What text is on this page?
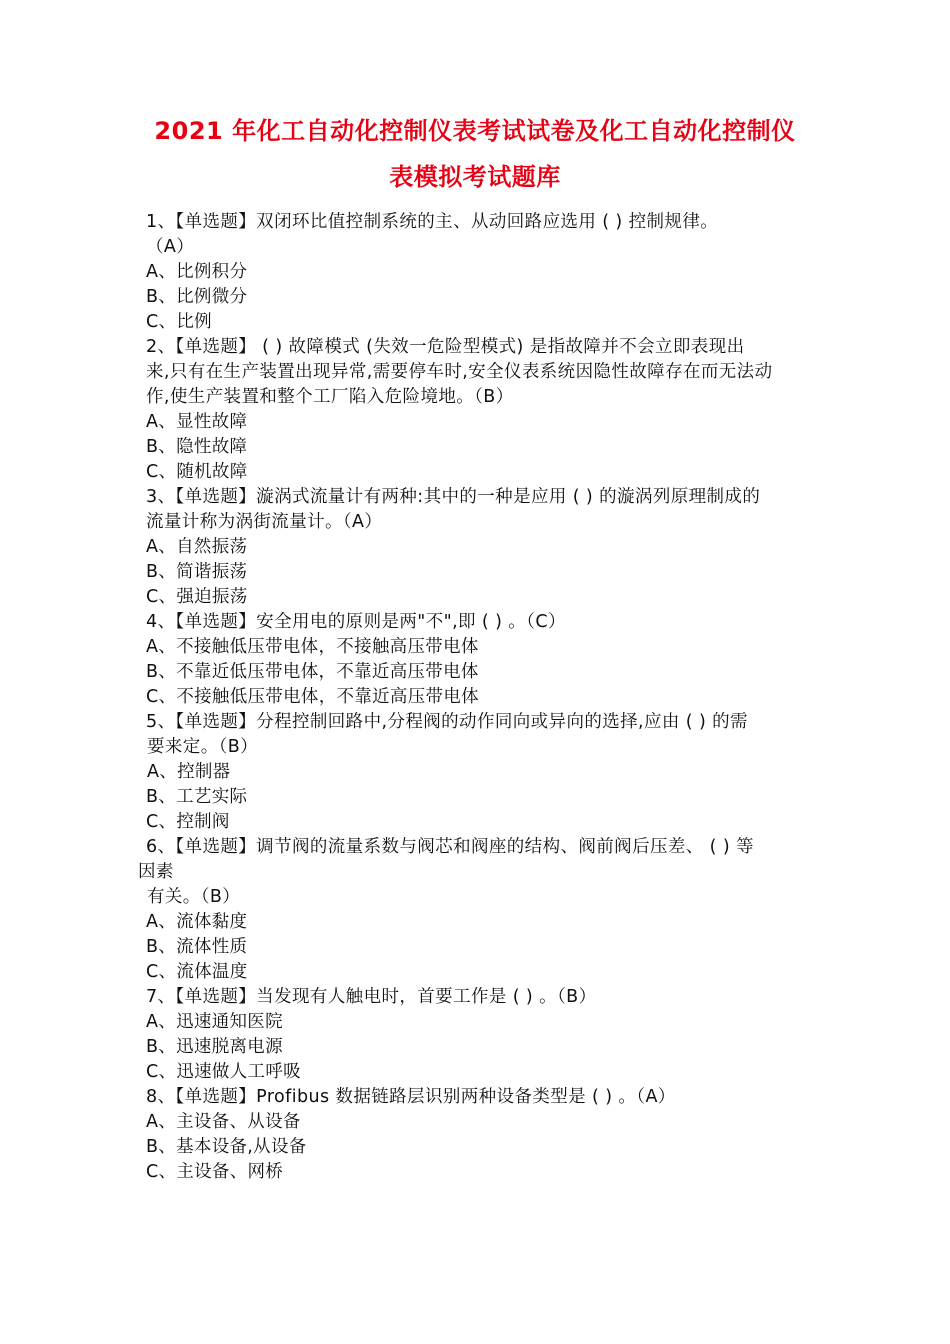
2021 年化工自动化控制仪表考试试卷及化工自动化控制仪
表模拟考试题库
1、【单选题】双闭环比值控制系统的主、从动回路应选用 ( ) 控制规律。
（A）
A、比例积分
B、比例微分
C、比例
2、【单选题】 ( ) 故障模式 (失效一危险型模式) 是指故障并不会立即表现出
来,只有在生产装置出现异常,需要停车时,安全仪表系统因隐性故障存在而无法动
作,使生产装置和整个工厂陷入危险境地。（B）
A、显性故障
B、隐性故障
C、随机故障
3、【单选题】漩涡式流量计有两种:其中的一种是应用 ( ) 的漩涡列原理制成的
流量计称为涡街流量计。（A）
A、自然振荡
B、简谐振荡
C、强迫振荡
4、【单选题】安全用电的原则是两"不",即 ( ) 。（C）
A、不接触低压带电体，不接触高压带电体
B、不靠近低压带电体，不靠近高压带电体
C、不接触低压带电体，不靠近高压带电体
5、【单选题】分程控制回路中,分程阀的动作同向或异向的选择,应由 ( ) 的需
要来定。（B）
A、控制器
B、工艺实际
C、控制阀
6、【单选题】调节阀的流量系数与阀芯和阀座的结构、阀前阀后压差、 ( ) 等
因素
有关。（B）
A、流体黏度
B、流体性质
C、流体温度
7、【单选题】当发现有人触电时，首要工作是 ( ) 。（B）
A、迅速通知医院
B、迅速脱离电源
C、迅速做人工呼吸
8、【单选题】Profibus 数据链路层识别两种设备类型是 ( ) 。（A）
A、主设备、从设备
B、基本设备,从设备
C、主设备、网桥
